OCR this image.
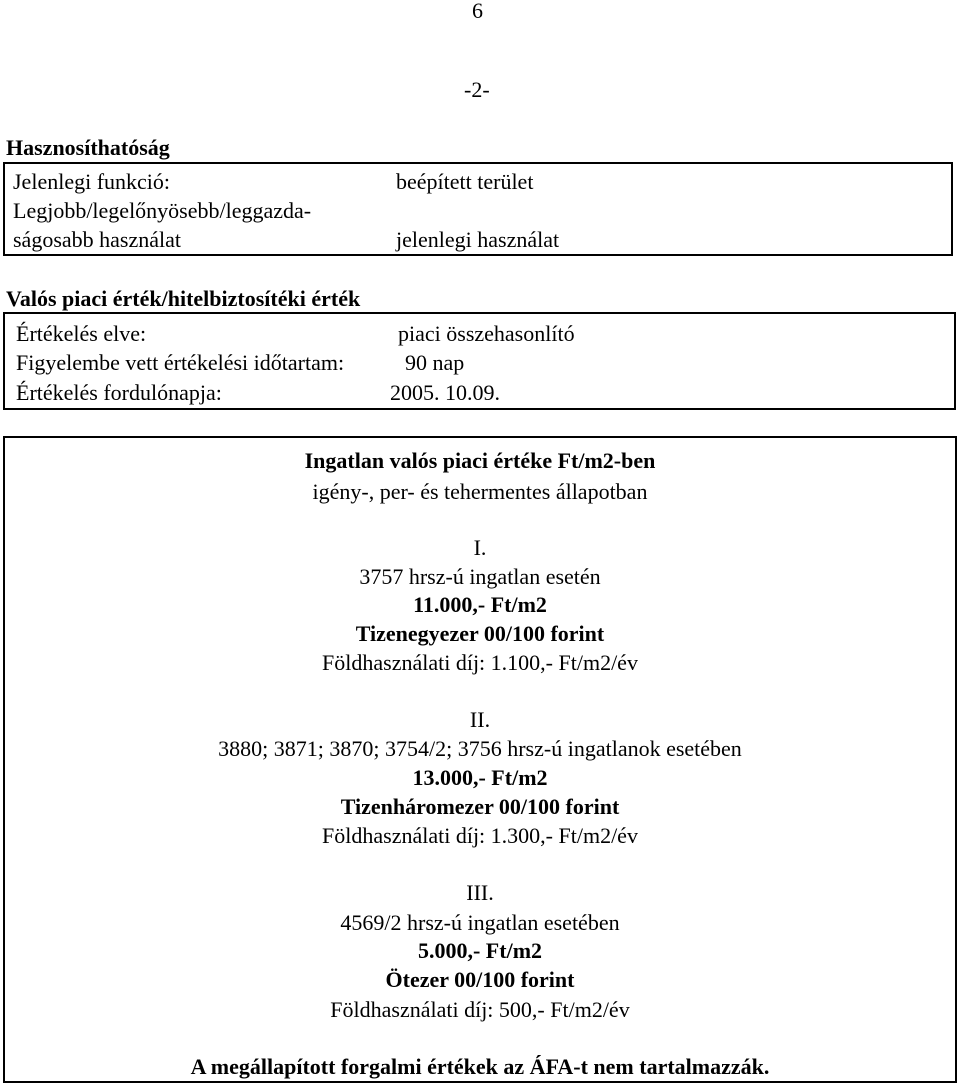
6
-2-
Hasznosíthatóság
Jelenlegi funkció:	beépített terület
Legjobb/legelőnyösebb/leggazda-
ságosabb használat	jelenlegi használat
Valós piaci érték/hitelbiztosítéki érték
Értékelés elve:	piaci összehasonlító
Figyelembe vett értékelési időtartam:	90 nap
Értékelés fordulónapja:	2005. 10.09.
Ingatlan valós piaci értéke Ft/m2-ben
igény-, per- és tehermentes állapotban
I.
3757 hrsz-ú ingatlan esetén
11.000,- Ft/m2
Tizenegyezer 00/100 forint
Földhasználati díj: 1.100,- Ft/m2/év
II.
3880; 3871; 3870; 3754/2; 3756 hrsz-ú ingatlanok esetében
13.000,- Ft/m2
Tizenháromezer 00/100 forint
Földhasználati díj: 1.300,- Ft/m2/év
III.
4569/2 hrsz-ú ingatlan esetében
5.000,- Ft/m2
Ötezer 00/100 forint
Földhasználati díj: 500,- Ft/m2/év
A megállapított forgalmi értékek az ÁFA-t nem tartalmazzák.
